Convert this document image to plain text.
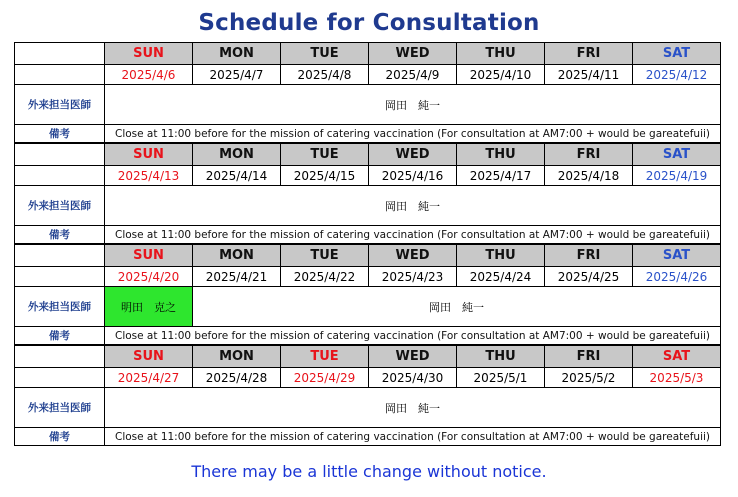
Schedule for Consultation
	SUN	MON	TUE	WED	THU	FRI	SAT
	2025/4/6	2025/4/7	2025/4/8	2025/4/9	2025/4/10	2025/4/11	2025/4/12
外来担当医師	岡田　純一						
備考	Close at 11:00 before for the mission of catering vaccination (For consultation at AM7:00 + would be gareatefuii)						
	SUN	MON	TUE	WED	THU	FRI	SAT
	2025/4/13	2025/4/14	2025/4/15	2025/4/16	2025/4/17	2025/4/18	2025/4/19
外来担当医師	岡田　純一						
備考	Close at 11:00 before for the mission of catering vaccination (For consultation at AM7:00 + would be gareatefuii)						
	SUN	MON	TUE	WED	THU	FRI	SAT
	2025/4/20	2025/4/21	2025/4/22	2025/4/23	2025/4/24	2025/4/25	2025/4/26
外来担当医師	明田　克之	岡田　純一					
備考	Close at 11:00 before for the mission of catering vaccination (For consultation at AM7:00 + would be gareatefuii)						
	SUN	MON	TUE	WED	THU	FRI	SAT
	2025/4/27	2025/4/28	2025/4/29	2025/4/30	2025/5/1	2025/5/2	2025/5/3
外来担当医師	岡田　純一						
備考	Close at 11:00 before for the mission of catering vaccination (For consultation at AM7:00 + would be gareatefuii)						
There may be a little change without notice.
